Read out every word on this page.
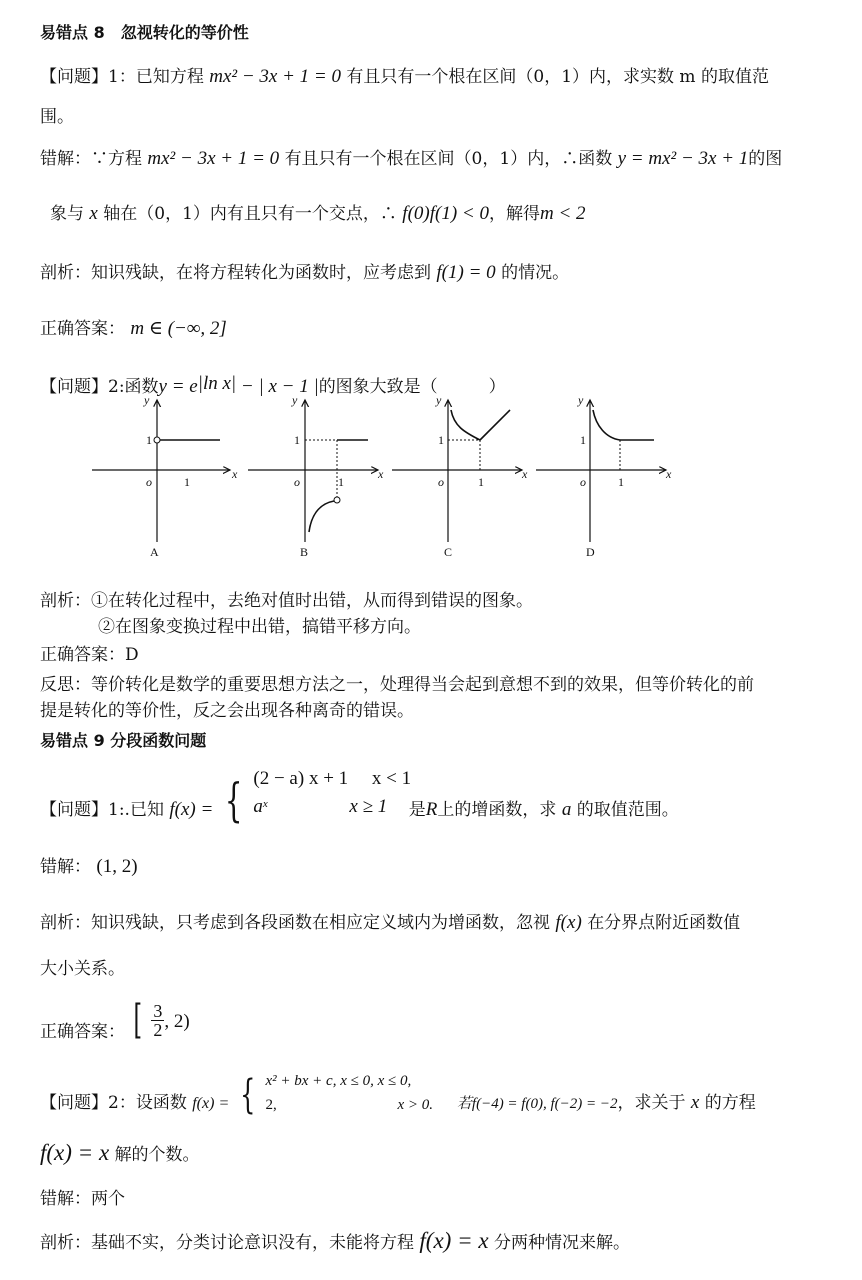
易错点 8　忽视转化的等价性
【问题】1：已知方程 mx² − 3x + 1 = 0 有且只有一个根在区间（0，1）内，求实数 m 的取值范
围。
错解：∵方程 mx² − 3x + 1 = 0 有且只有一个根在区间（0，1）内，∴函数 y = mx² − 3x + 1的图
象与 x 轴在（0，1）内有且只有一个交点，∴ f(0)f(1) < 0，解得m < 2
剖析：知识残缺，在将方程转化为函数时，应考虑到 f(1) = 0 的情况。
正确答案： m ∈ (−∞, 2]
【问题】2:函数$y = e^{|ln x|}$ − | x − 1 |的图象大致是（　　　）
x
y
1
o	1
A
x
y
1
o	1
B
x
y
1
o	1
C
x
y
1
o	1
D
剖析：①在转化过程中，去绝对值时出错，从而得到错误的图象。
②在图象变换过程中出错，搞错平移方向。
正确答案：D
反思：等价转化是数学的重要思想方法之一，处理得当会起到意想不到的效果，但等价转化的前
提是转化的等价性，反之会出现各种离奇的错误。
易错点 9 分段函数问题
【问题】1:.已知 f(x) = { (2 − a) x + 1　 x < 1
$a^x$	x ≥ 1 是R上的增函数，求 a 的取值范围。
错解： (1, 2)
剖析：知识残缺，只考虑到各段函数在相应定义域内为增函数，忽视 f(x) 在分界点附近函数值
大小关系。
正确答案： [ $\frac{3}{2}$ , 2)
【问题】2：设函数 f(x) = { x² + bx + c, x ≤ 0, x ≤ 0,
2,	x > 0. 若f(−4) = f(0), f(−2) = −2，求关于 x 的方程
f(x) = x 解的个数。
错解：两个
剖析：基础不实，分类讨论意识没有，未能将方程 f(x) = x 分两种情况来解。
